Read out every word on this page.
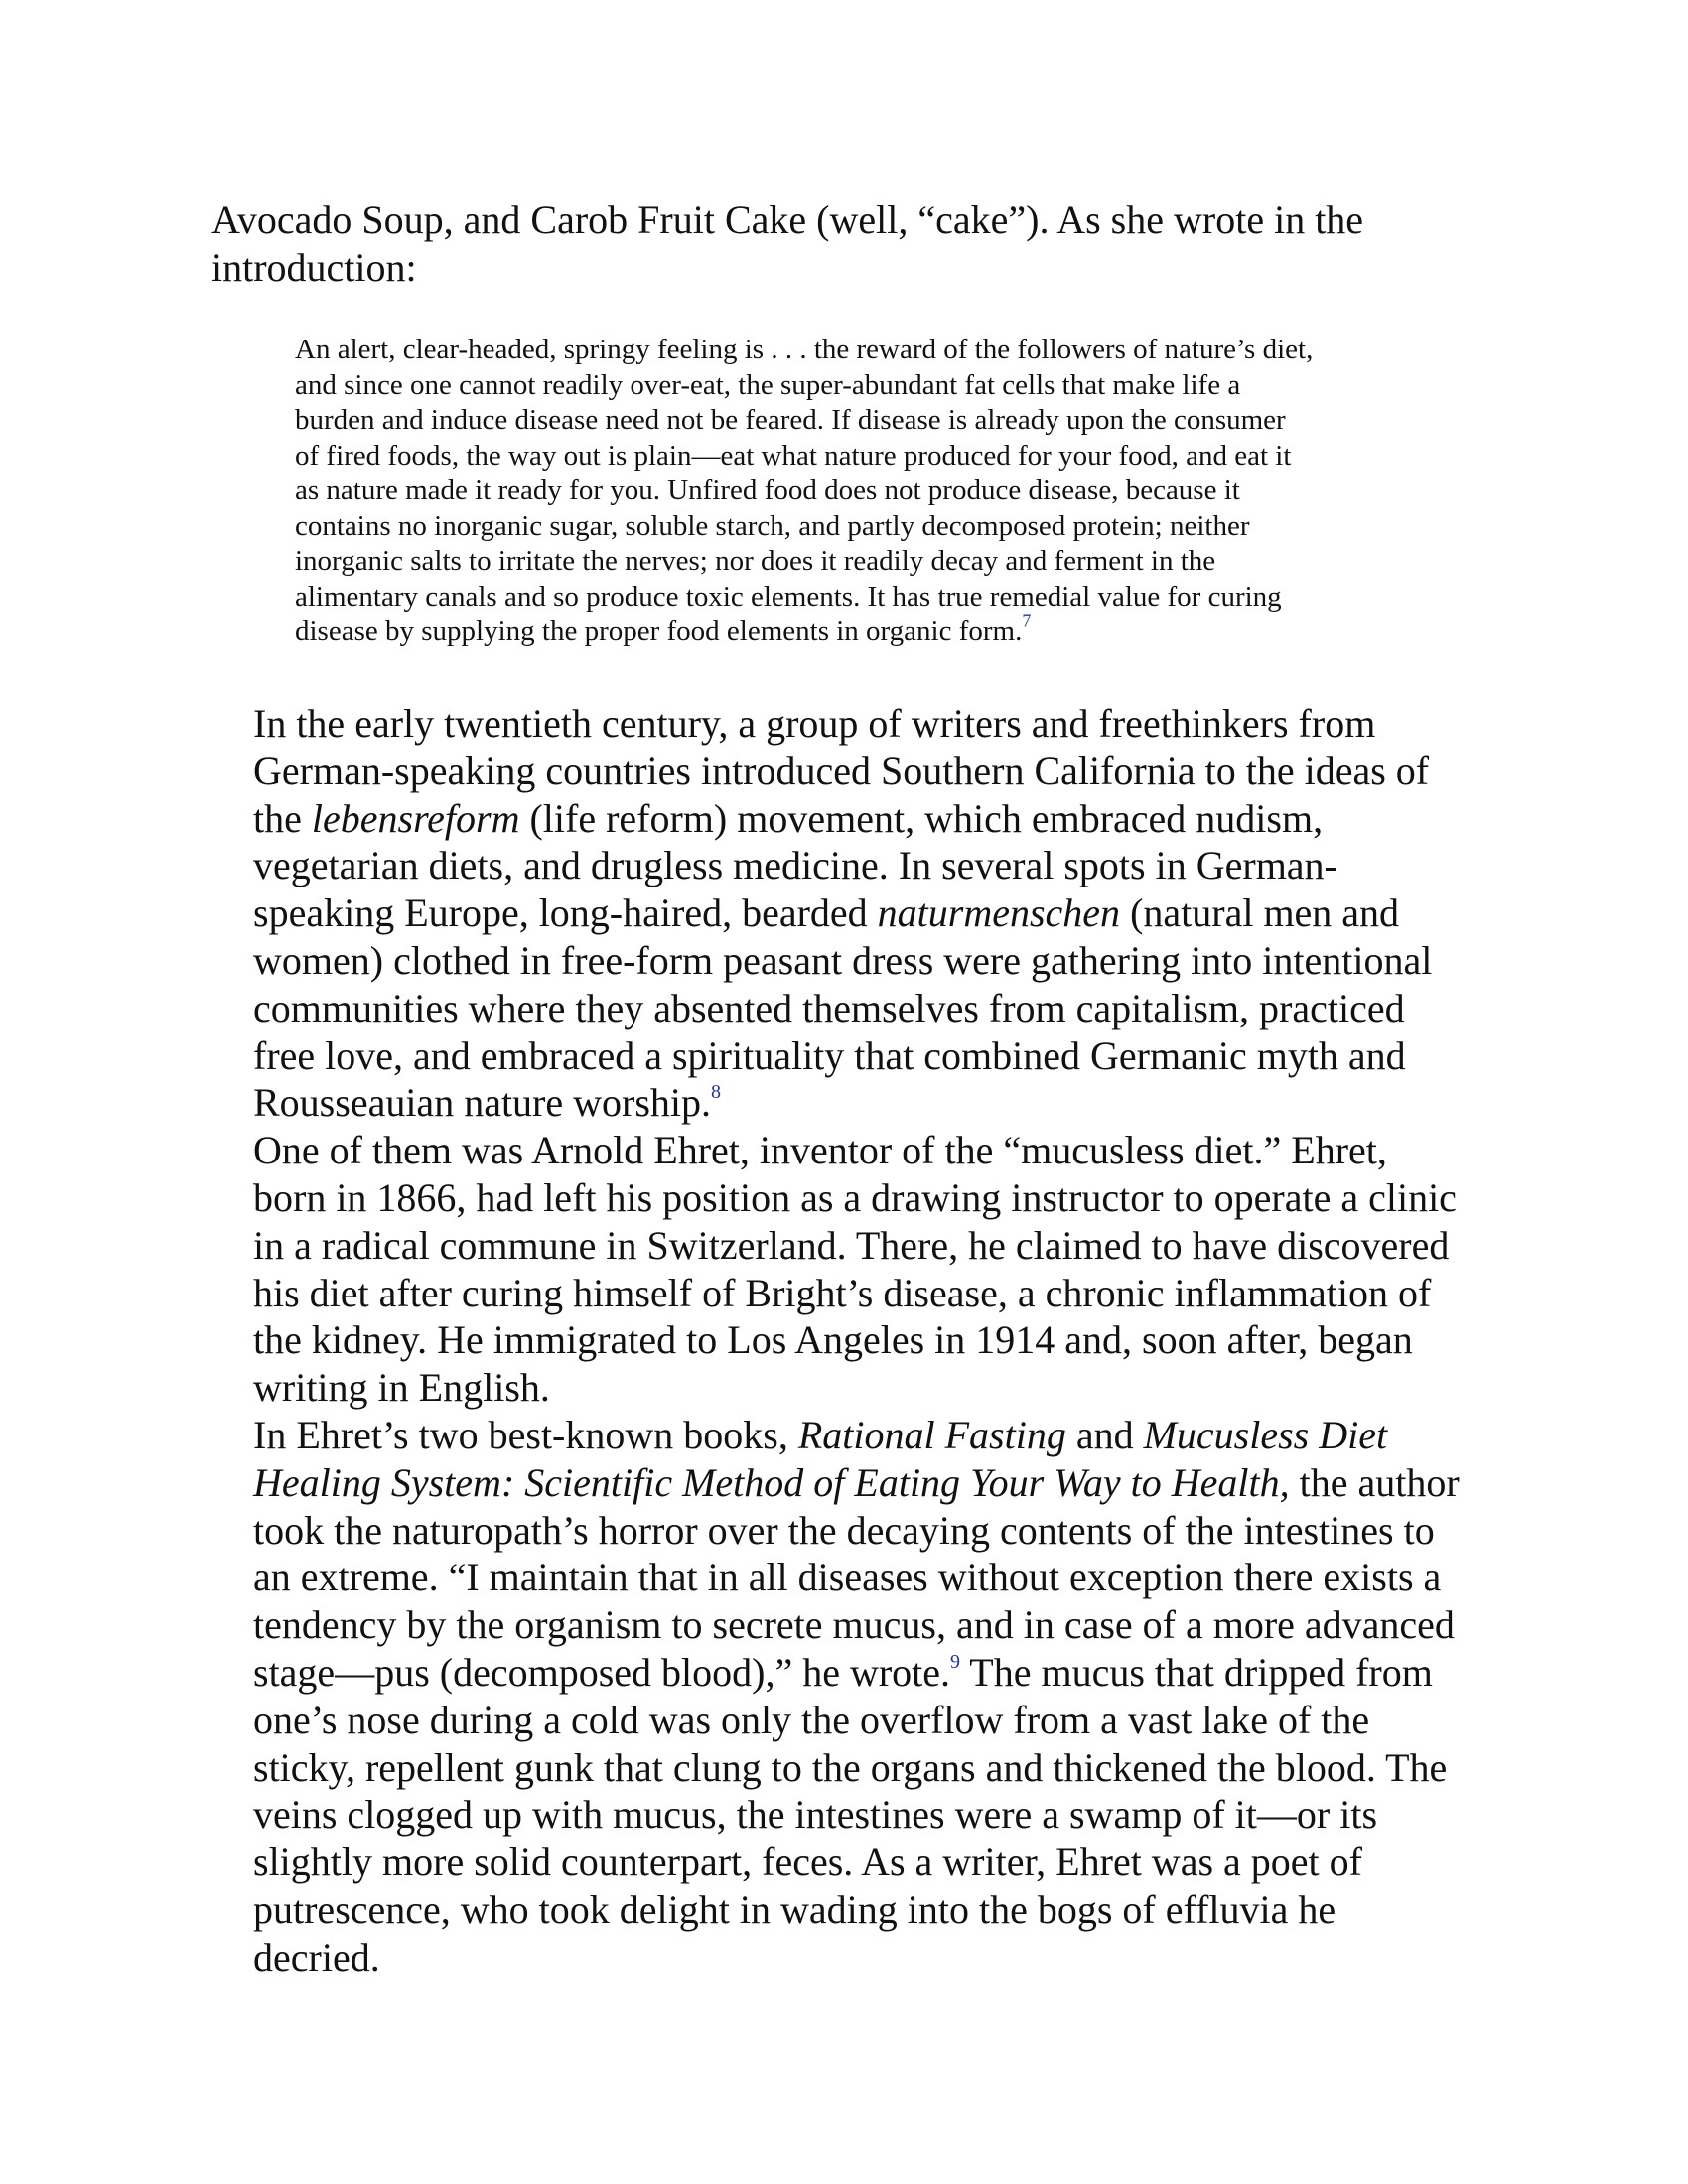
Avocado Soup, and Carob Fruit Cake (well, “cake”). As she wrote in the
introduction:

An alert, clear-headed, springy feeling is . . . the reward of the followers of nature’s diet,
and since one cannot readily over-eat, the super-abundant fat cells that make life a
burden and induce disease need not be feared. If disease is already upon the consumer
of fired foods, the way out is plain—eat what nature produced for your food, and eat it
as nature made it ready for you. Unfired food does not produce disease, because it
contains no inorganic sugar, soluble starch, and partly decomposed protein; neither
inorganic salts to irritate the nerves; nor does it readily decay and ferment in the
alimentary canals and so produce toxic elements. It has true remedial value for curing
disease by supplying the proper food elements in organic form.$^7$

In the early twentieth century, a group of writers and freethinkers from
German-speaking countries introduced Southern California to the ideas of
the lebensreform (life reform) movement, which embraced nudism,
vegetarian diets, and drugless medicine. In several spots in German-
speaking Europe, long-haired, bearded naturmenschen (natural men and
women) clothed in free-form peasant dress were gathering into intentional
communities where they absented themselves from capitalism, practiced
free love, and embraced a spirituality that combined Germanic myth and
Rousseauian nature worship.$^8$

One of them was Arnold Ehret, inventor of the “mucusless diet.” Ehret,
born in 1866, had left his position as a drawing instructor to operate a clinic
in a radical commune in Switzerland. There, he claimed to have discovered
his diet after curing himself of Bright’s disease, a chronic inflammation of
the kidney. He immigrated to Los Angeles in 1914 and, soon after, began
writing in English.

In Ehret’s two best-known books, Rational Fasting and Mucusless Diet
Healing System: Scientific Method of Eating Your Way to Health, the author
took the naturopath’s horror over the decaying contents of the intestines to
an extreme. “I maintain that in all diseases without exception there exists a
tendency by the organism to secrete mucus, and in case of a more advanced
stage—pus (decomposed blood),” he wrote.$^9$ The mucus that dripped from
one’s nose during a cold was only the overflow from a vast lake of the
sticky, repellent gunk that clung to the organs and thickened the blood. The
veins clogged up with mucus, the intestines were a swamp of it—or its
slightly more solid counterpart, feces. As a writer, Ehret was a poet of
putrescence, who took delight in wading into the bogs of effluvia he
decried.
